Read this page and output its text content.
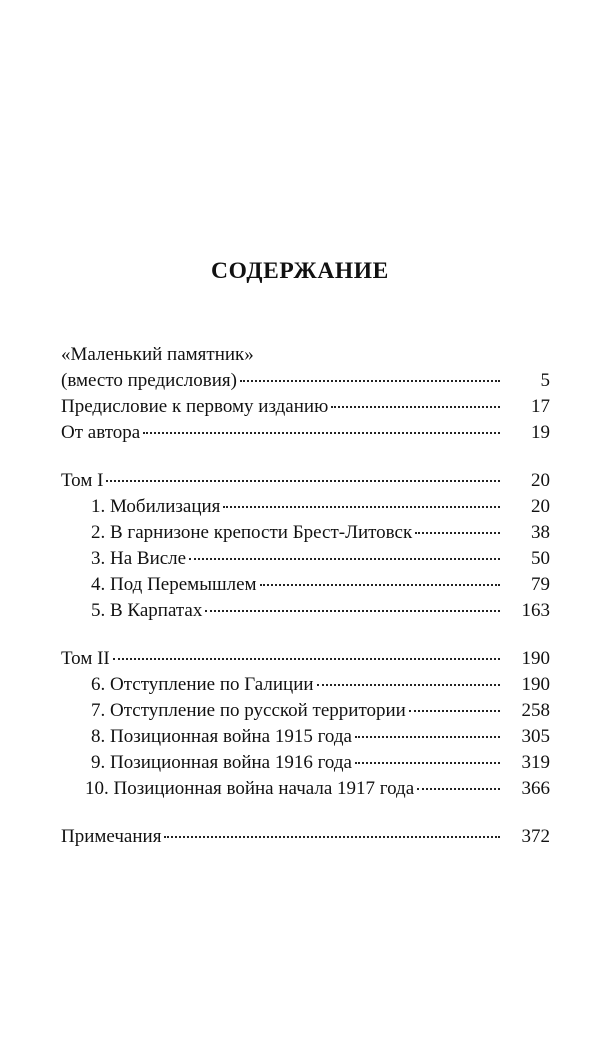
СОДЕРЖАНИЕ
«Маленький памятник»
(вместо предисловия)	5
Предисловие к первому изданию	17
От автора	19
Том I	20
1. Мобилизация	20
2. В гарнизоне крепости Брест-Литовск	38
3. На Висле	50
4. Под Перемышлем	79
5. В Карпатах	163
Том II	190
6. Отступление по Галиции	190
7. Отступление по русской территории	258
8. Позиционная война 1915 года	305
9. Позиционная война 1916 года	319
10. Позиционная война начала 1917 года	366
Примечания	372
